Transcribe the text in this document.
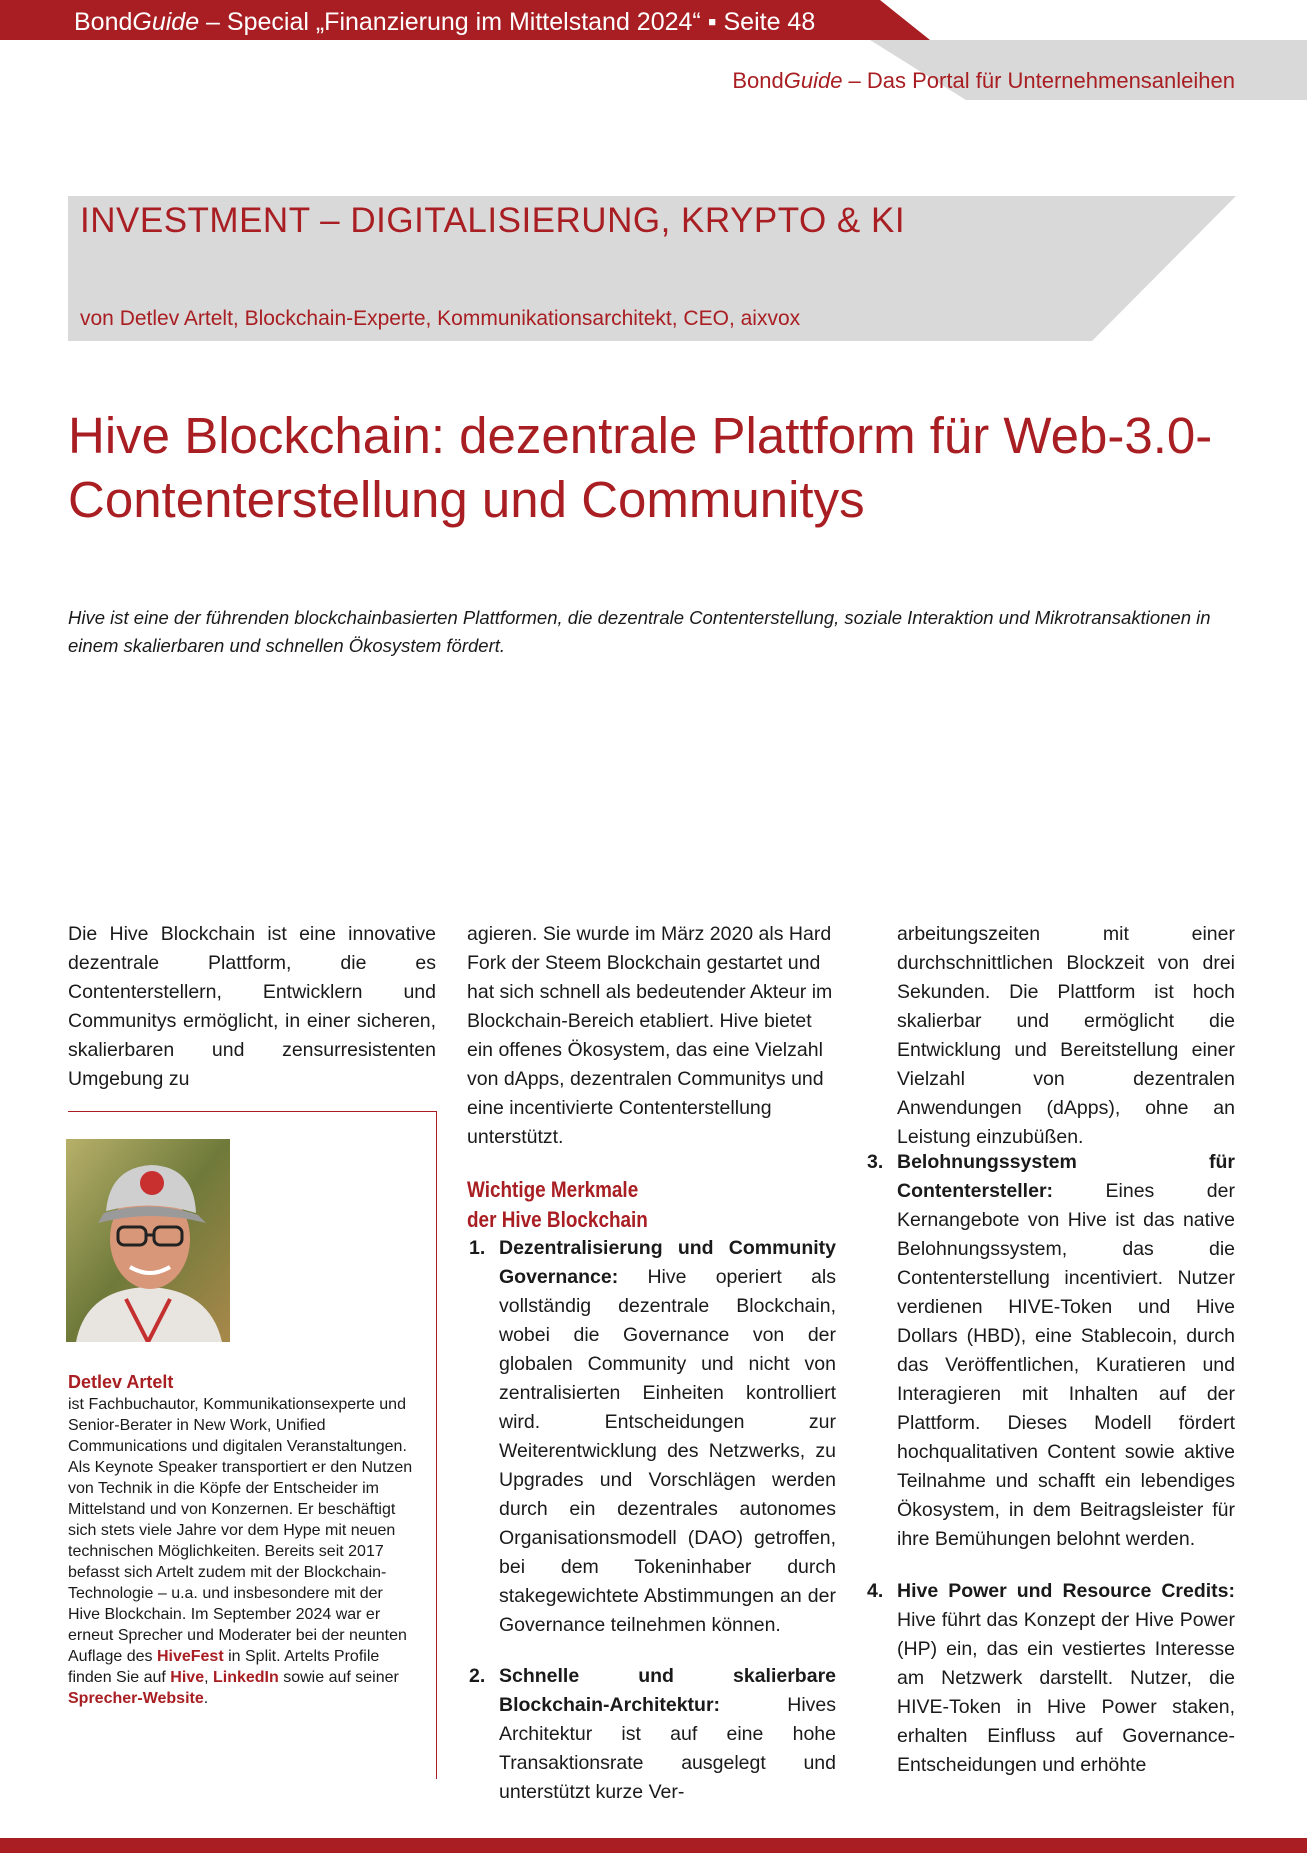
BondGuide – Special „Finanzierung im Mittelstand 2024“ ▪ Seite 48
BondGuide – Das Portal für Unternehmensanleihen
INVESTMENT – DIGITALISIERUNG, KRYPTO & KI
von Detlev Artelt, Blockchain-Experte, Kommunikationsarchitekt, CEO, aixvox
Hive Blockchain: dezentrale Plattform für Web-3.0-Contenterstellung und Communitys

Hive ist eine der führenden blockchainbasierten Plattformen, die dezentrale Contenterstellung, soziale Interaktion und Mikrotransaktionen in einem skalierbaren und schnellen Ökosystem fördert.

Die Hive Blockchain ist eine innovative dezentrale Plattform, die es Contenterstellern, Entwicklern und Communitys ermöglicht, in einer sicheren, skalierbaren und zensurresistenten Umgebung zu

Detlev Artelt

ist Fachbuchautor, Kommunikationsexperte und Senior-Berater in New Work, Unified Communications und digitalen Veranstaltungen. Als Keynote Speaker transportiert er den Nutzen von Technik in die Köpfe der Entscheider im Mittelstand und von Konzernen. Er beschäftigt sich stets viele Jahre vor dem Hype mit neuen technischen Möglichkeiten. Bereits seit 2017 befasst sich Artelt zudem mit der Blockchain-Technologie – u.a. und insbesondere mit der Hive Blockchain. Im September 2024 war er erneut Sprecher und Moderater bei der neunten Auflage des HiveFest in Split. Artelts Profile finden Sie auf Hive, LinkedIn sowie auf seiner Sprecher-Website.

agieren. Sie wurde im März 2020 als Hard Fork der Steem Blockchain gestartet und hat sich schnell als bedeutender Akteur im Blockchain-Bereich etabliert. Hive bietet ein offenes Ökosystem, das eine Vielzahl von dApps, dezentralen Communitys und eine incentivierte Contenterstellung unterstützt.

Wichtige Merkmale
der Hive Blockchain
1. Dezentralisierung und Community Governance: Hive operiert als vollständig dezentrale Blockchain, wobei die Governance von der globalen Community und nicht von zentralisierten Einheiten kontrolliert wird. Entscheidungen zur Weiterentwicklung des Netzwerks, zu Upgrades und Vorschlägen werden durch ein dezentrales autonomes Organisationsmodell (DAO) getroffen, bei dem Tokeninhaber durch stakegewichtete Abstimmungen an der Governance teilnehmen können.
2. Schnelle und skalierbare Blockchain-Architektur: Hives Architektur ist auf eine hohe Transaktionsrate ausgelegt und unterstützt kurze Ver-

arbeitungszeiten mit einer durchschnittlichen Blockzeit von drei Sekunden. Die Plattform ist hoch skalierbar und ermöglicht die Entwicklung und Bereitstellung einer Vielzahl von dezentralen Anwendungen (dApps), ohne an Leistung einzubüßen.

3. Belohnungssystem für Contentersteller: Eines der Kernangebote von Hive ist das native Belohnungssystem, das die Contenterstellung incentiviert. Nutzer verdienen HIVE-Token und Hive Dollars (HBD), eine Stablecoin, durch das Veröffentlichen, Kuratieren und Interagieren mit Inhalten auf der Plattform. Dieses Modell fördert hochqualitativen Content sowie aktive Teilnahme und schafft ein lebendiges Ökosystem, in dem Beitragsleister für ihre Bemühungen belohnt werden.
4. Hive Power und Resource Credits: Hive führt das Konzept der Hive Power (HP) ein, das ein vestiertes Interesse am Netzwerk darstellt. Nutzer, die HIVE-Token in Hive Power staken, erhalten Einfluss auf Governance-Entscheidungen und erhöhte
